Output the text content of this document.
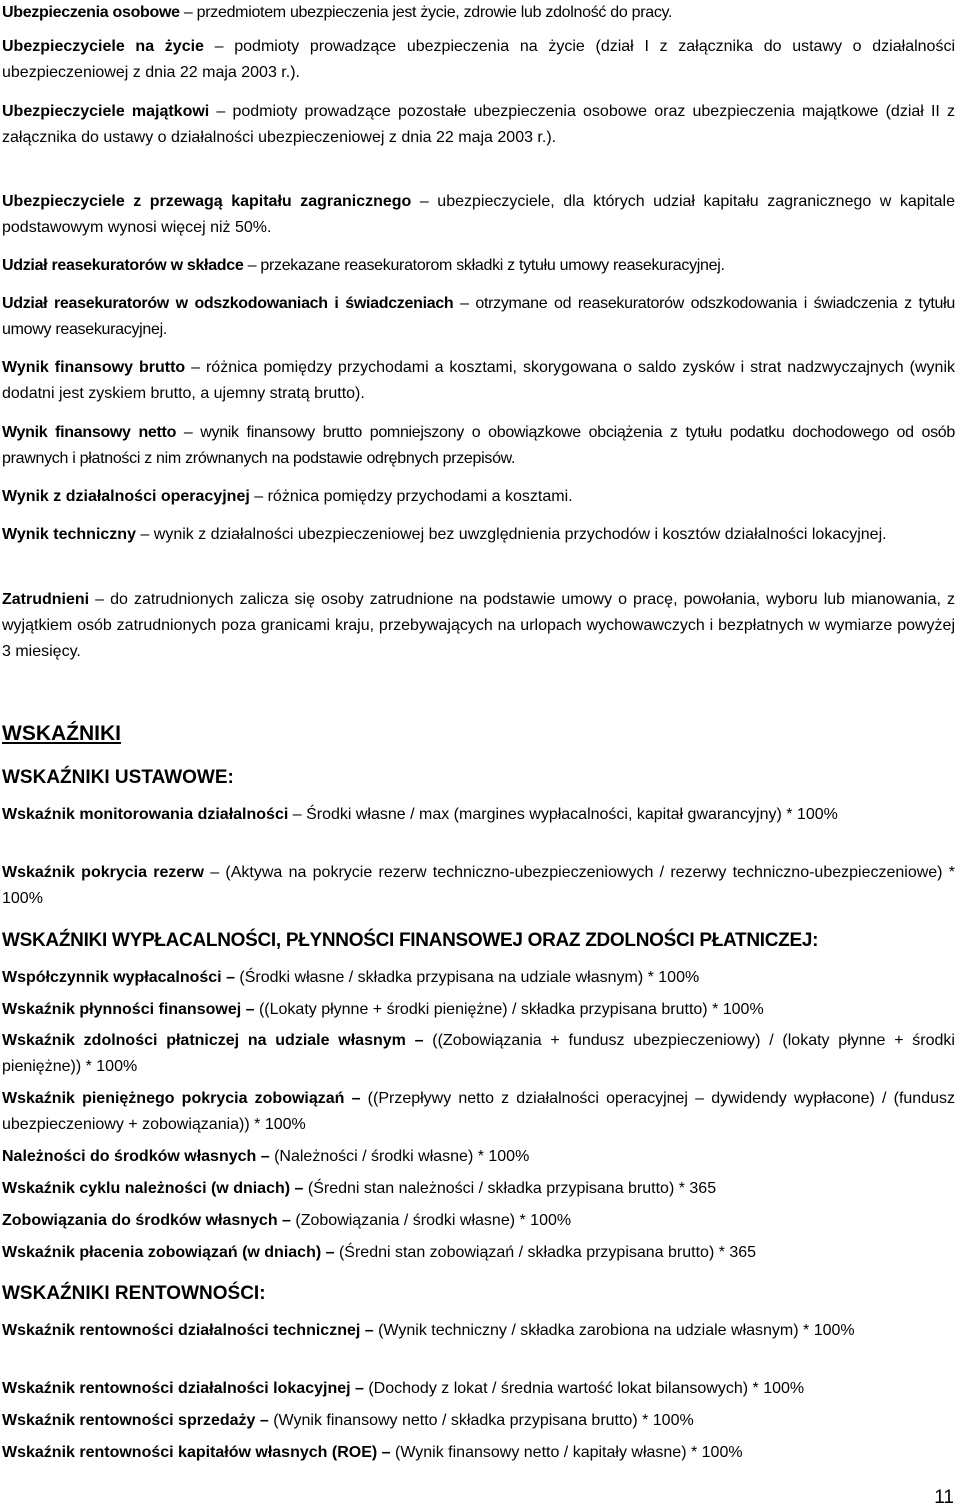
Ubezpieczenia osobowe – przedmiotem ubezpieczenia jest życie, zdrowie lub zdolność do pracy.

Ubezpieczyciele na życie – podmioty prowadzące ubezpieczenia na życie (dział I z załącznika do ustawy o działalności ubezpieczeniowej z dnia 22 maja 2003 r.).

Ubezpieczyciele majątkowi – podmioty prowadzące pozostałe ubezpieczenia osobowe oraz ubezpieczenia majątkowe (dział II z załącznika do ustawy o działalności ubezpieczeniowej z dnia 22 maja 2003 r.).

Ubezpieczyciele z przewagą kapitału zagranicznego – ubezpieczyciele, dla których udział kapitału zagranicznego w kapitale podstawowym wynosi więcej niż 50%.

Udział reasekuratorów w składce – przekazane reasekuratorom składki z tytułu umowy reasekuracyjnej.

Udział reasekuratorów w odszkodowaniach i świadczeniach – otrzymane od reasekuratorów odszkodowania i świadczenia z tytułu umowy reasekuracyjnej.

Wynik finansowy brutto – różnica pomiędzy przychodami a kosztami, skorygowana o saldo zysków i strat nadzwyczajnych (wynik dodatni jest zyskiem brutto, a ujemny stratą brutto).

Wynik finansowy netto – wynik finansowy brutto pomniejszony o obowiązkowe obciążenia z tytułu podatku dochodowego od osób prawnych i płatności z nim zrównanych na podstawie odrębnych przepisów.

Wynik z działalności operacyjnej – różnica pomiędzy przychodami a kosztami.

Wynik techniczny – wynik z działalności ubezpieczeniowej bez uwzględnienia przychodów i kosztów działalności lokacyjnej.

Zatrudnieni – do zatrudnionych zalicza się osoby zatrudnione na podstawie umowy o pracę, powołania, wyboru lub mianowania, z wyjątkiem osób zatrudnionych poza granicami kraju, przebywających na urlopach wychowawczych i bezpłatnych w wymiarze powyżej 3 miesięcy.

WSKAŹNIKI
WSKAŹNIKI USTAWOWE:

Wskaźnik monitorowania działalności – Środki własne / max (margines wypłacalności, kapitał gwarancyjny) * 100%

Wskaźnik pokrycia rezerw – (Aktywa na pokrycie rezerw techniczno-ubezpieczeniowych / rezerwy techniczno-ubezpieczeniowe) * 100%

WSKAŹNIKI WYPŁACALNOŚCI, PŁYNNOŚCI FINANSOWEJ ORAZ ZDOLNOŚCI PŁATNICZEJ:

Współczynnik wypłacalności – (Środki własne / składka przypisana na udziale własnym) * 100%

Wskaźnik płynności finansowej – ((Lokaty płynne + środki pieniężne) / składka przypisana brutto) * 100%

Wskaźnik zdolności płatniczej na udziale własnym – ((Zobowiązania + fundusz ubezpieczeniowy) / (lokaty płynne + środki pieniężne)) * 100%

Wskaźnik pieniężnego pokrycia zobowiązań – ((Przepływy netto z działalności operacyjnej – dywidendy wypłacone) / (fundusz ubezpieczeniowy + zobowiązania)) * 100%

Należności do środków własnych – (Należności / środki własne) * 100%

Wskaźnik cyklu należności (w dniach) – (Średni stan należności / składka przypisana brutto) * 365

Zobowiązania do środków własnych – (Zobowiązania / środki własne) * 100%

Wskaźnik płacenia zobowiązań (w dniach) – (Średni stan zobowiązań / składka przypisana brutto) * 365

WSKAŹNIKI RENTOWNOŚCI:

Wskaźnik rentowności działalności technicznej – (Wynik techniczny / składka zarobiona na udziale własnym) * 100%

Wskaźnik rentowności działalności lokacyjnej – (Dochody z lokat / średnia wartość lokat bilansowych) * 100%

Wskaźnik rentowności sprzedaży – (Wynik finansowy netto / składka przypisana brutto) * 100%

Wskaźnik rentowności kapitałów własnych (ROE) – (Wynik finansowy netto / kapitały własne) * 100%

11
